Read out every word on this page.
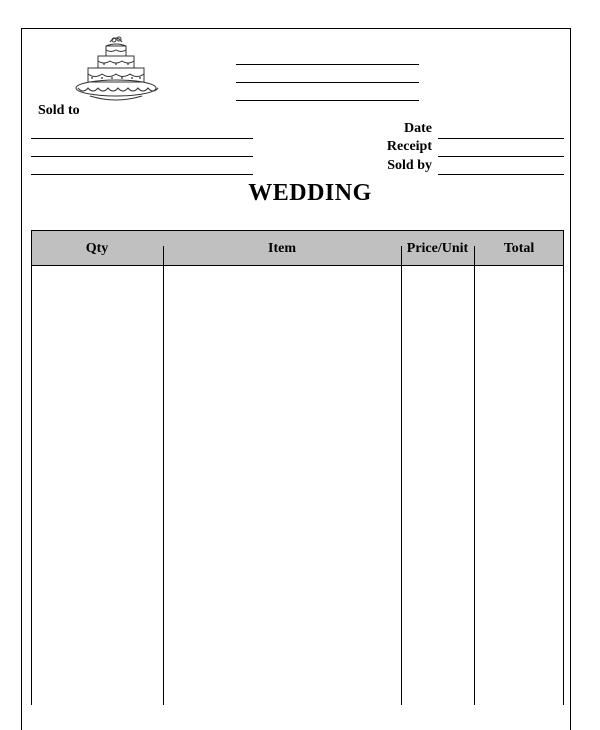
Sold to
Date
Receipt
Sold by
WEDDING
Qty	Item	Price/Unit	Total
